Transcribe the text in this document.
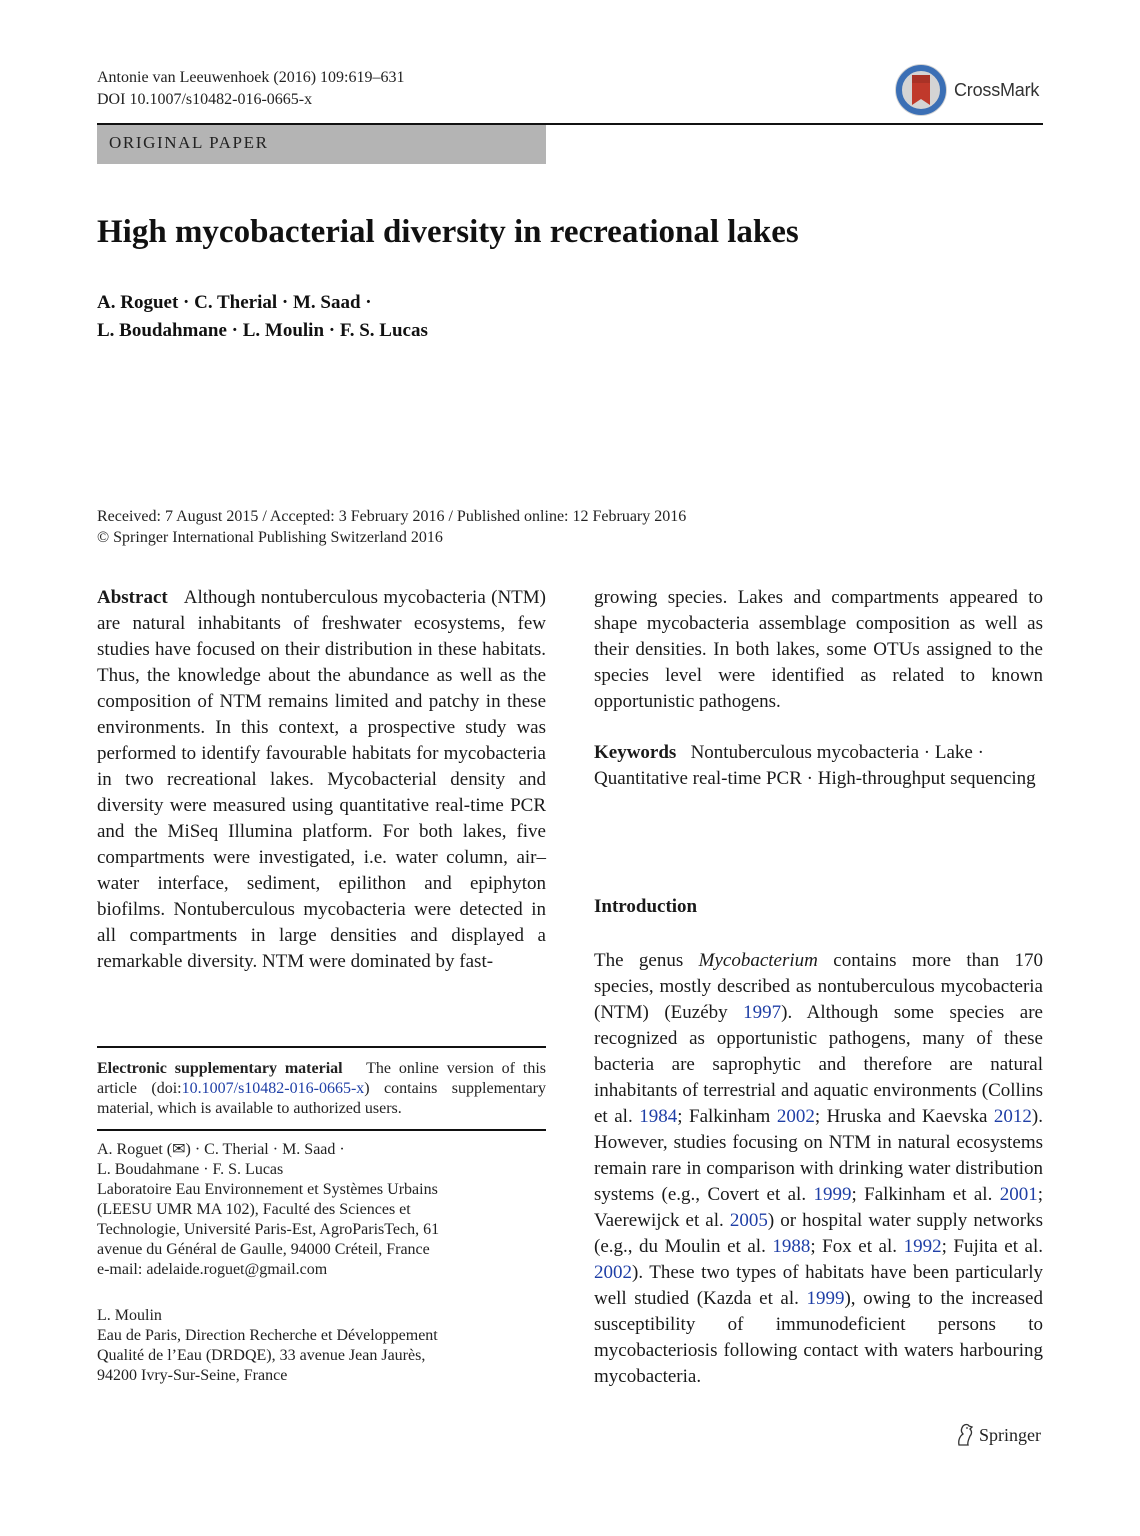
Antonie van Leeuwenhoek (2016) 109:619–631
DOI 10.1007/s10482-016-0665-x	CrossMark
ORIGINAL PAPER
High mycobacterial diversity in recreational lakes
A. Roguet · C. Therial · M. Saad ·
L. Boudahmane · L. Moulin · F. S. Lucas
Received: 7 August 2015 / Accepted: 3 February 2016 / Published online: 12 February 2016
© Springer International Publishing Switzerland 2016

Abstract Although nontuberculous mycobacteria (NTM) are natural inhabitants of freshwater ecosystems, few studies have focused on their distribution in these habitats. Thus, the knowledge about the abundance as well as the composition of NTM remains limited and patchy in these environments. In this context, a prospective study was performed to identify favourable habitats for mycobacteria in two recreational lakes. Mycobacterial density and diversity were measured using quantitative real-time PCR and the MiSeq Illumina platform. For both lakes, five compartments were investigated, i.e. water column, air–water interface, sediment, epilithon and epiphyton biofilms. Nontuberculous mycobacteria were detected in all compartments in large densities and displayed a remarkable diversity. NTM were dominated by fast-

growing species. Lakes and compartments appeared to shape mycobacteria assemblage composition as well as their densities. In both lakes, some OTUs assigned to the species level were identified as related to known opportunistic pathogens.

Keywords Nontuberculous mycobacteria · Lake · Quantitative real-time PCR · High-throughput sequencing
Introduction

The genus Mycobacterium contains more than 170 species, mostly described as nontuberculous mycobacteria (NTM) (Euzéby 1997). Although some species are recognized as opportunistic pathogens, many of these bacteria are saprophytic and therefore are natural inhabitants of terrestrial and aquatic environments (Collins et al. 1984; Falkinham 2002; Hruska and Kaevska 2012). However, studies focusing on NTM in natural ecosystems remain rare in comparison with drinking water distribution systems (e.g., Covert et al. 1999; Falkinham et al. 2001; Vaerewijck et al. 2005) or hospital water supply networks (e.g., du Moulin et al. 1988; Fox et al. 1992; Fujita et al. 2002). These two types of habitats have been particularly well studied (Kazda et al. 1999), owing to the increased susceptibility of immunodeficient persons to mycobacteriosis following contact with waters harbouring mycobacteria.

Electronic supplementary material The online version of this article (doi:10.1007/s10482-016-0665-x) contains supplementary material, which is available to authorized users.
A. Roguet (✉) · C. Therial · M. Saad ·
L. Boudahmane · F. S. Lucas
Laboratoire Eau Environnement et Systèmes Urbains
(LEESU UMR MA 102), Faculté des Sciences et
Technologie, Université Paris-Est, AgroParisTech, 61
avenue du Général de Gaulle, 94000 Créteil, France
e-mail: adelaide.roguet@gmail.com
L. Moulin
Eau de Paris, Direction Recherche et Développement
Qualité de l’Eau (DRDQE), 33 avenue Jean Jaurès,
94200 Ivry-Sur-Seine, France
Springer
